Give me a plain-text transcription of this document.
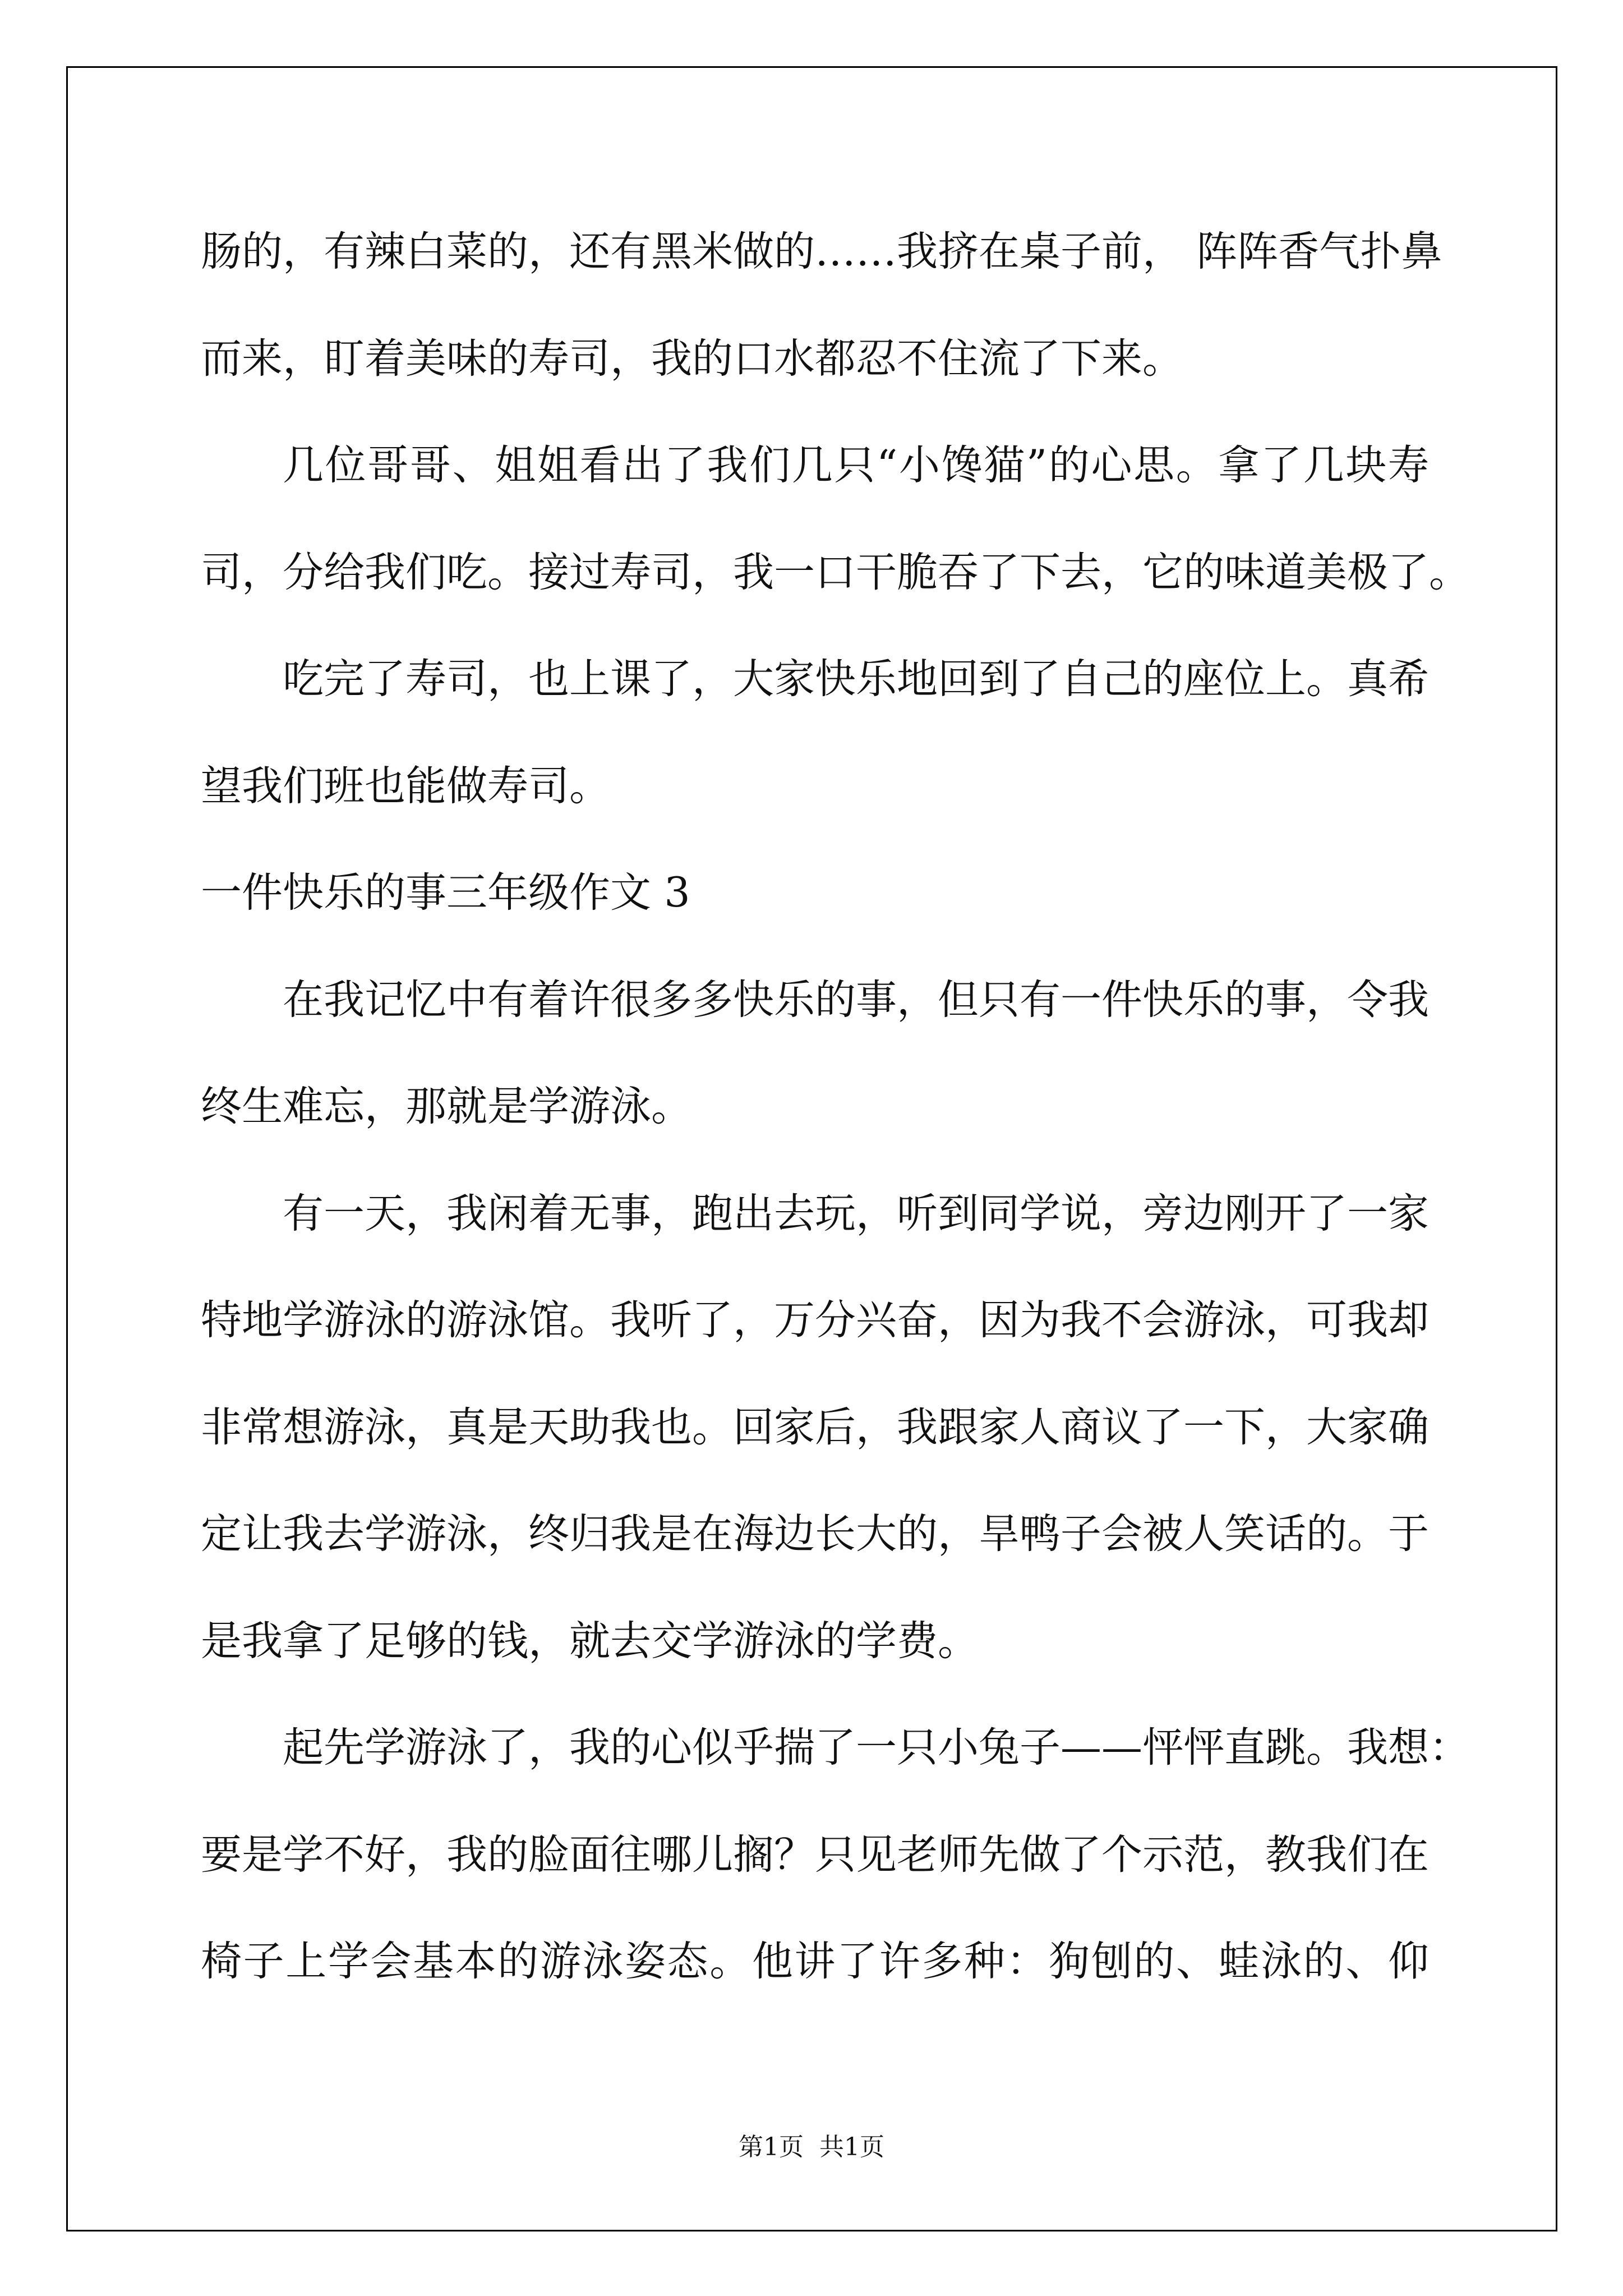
肠的，有辣白菜的，还有黑米做的……我挤在桌子前， 阵阵香气扑鼻
而来，盯着美味的寿司，我的口水都忍不住流了下来。
几位哥哥、姐姐看出了我们几只“小馋猫”的心思。拿了几块寿
司，分给我们吃。接过寿司，我一口干脆吞了下去，它的味道美极了。
吃完了寿司，也上课了，大家快乐地回到了自己的座位上。真希
望我们班也能做寿司。
一件快乐的事三年级作文 3
在我记忆中有着许很多多快乐的事，但只有一件快乐的事，令我
终生难忘，那就是学游泳。
有一天，我闲着无事，跑出去玩，听到同学说，旁边刚开了一家
特地学游泳的游泳馆。我听了，万分兴奋，因为我不会游泳，可我却
非常想游泳，真是天助我也。回家后，我跟家人商议了一下，大家确
定让我去学游泳，终归我是在海边长大的，旱鸭子会被人笑话的。于
是我拿了足够的钱，就去交学游泳的学费。
起先学游泳了，我的心似乎揣了一只小兔子——怦怦直跳。我想：
要是学不好，我的脸面往哪儿搁？只见老师先做了个示范，教我们在
椅子上学会基本的游泳姿态。他讲了许多种：狗刨的、蛙泳的、仰
第1页  共1页
